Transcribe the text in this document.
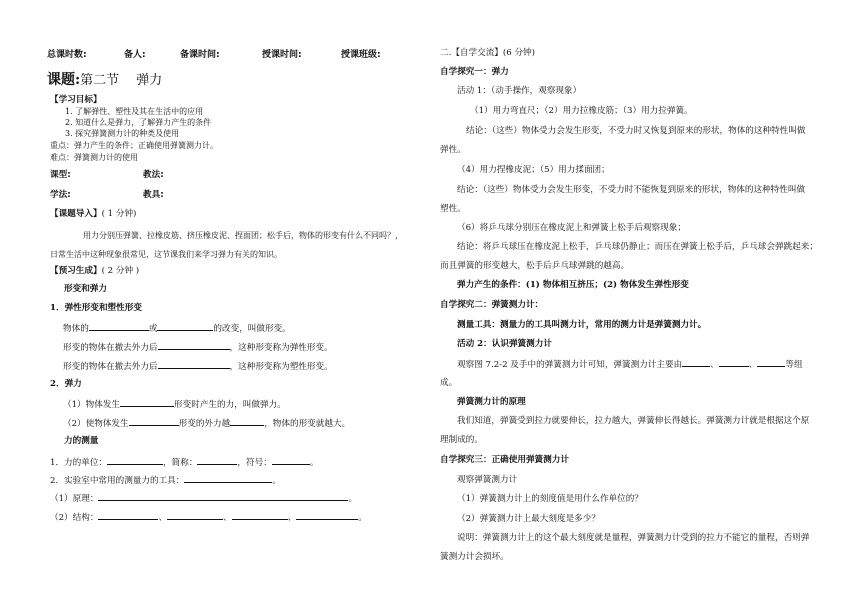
总课时数:	备人:	备课时间:	授课时间:	授课班级:
课题:第二节　 弹力
【学习目标】
1. 了解弹性、塑性及其在生活中的应用
2. 知道什么是弹力，了解弹力产生的条件
3. 探究弹簧测力计的种类及使用
重点：弹力产生的条件；正确使用弹簧测力计。
难点：弹簧测力计的使用
课型:	教法:
学法:	教具:
【课题导入】( 1 分钟)
用力分别压弹簧、拉橡皮筋、挤压橡皮泥、捏面团；松手后，物体的形变有什么不同吗？，
日常生活中这种现象很常见，这节课我们来学习弹力有关的知识。
【预习生成】( 2 分钟 )
形变和弹力
1．弹性形变和塑性形变
物体的	或	的改变，叫做形变。
形变的物体在撤去外力后	，这种形变称为弹性形变。
形变的物体在撤去外力后	，这种形变称为塑性形变。
2．弹力
（1）物体发生	形变时产生的力，叫做弹力。
（2）使物体发生	形变的外力越	，物体的形变就越大。
力的测量
1．力的单位：	，简称：	，符号：	。
2．实验室中常用的测量力的工具：	。
（1）原理：	。
（2）结构：	、	、	、	。
二.【自学交流】(6 分钟)
自学探究一：弹力
活动 1：（动手操作，观察现象）
（1）用力弯直尺；（2）用力拉橡皮筋；（3）用力拉弹簧。
结论：（这些）物体受力会发生形变，不受力时又恢复到原来的形状，物体的这种特性叫做
弹性。
（4）用力捏橡皮泥；（5）用力揉面团；
结论：（这些）物体受力会发生形变，不受力时不能恢复到原来的形状，物体的这种特性叫做
塑性。
（6）将乒乓球分别压在橡皮泥上和弹簧上松手后观察现象；
结论：将乒乓球压在橡皮泥上松手，乒乓球仍静止；而压在弹簧上松手后，乒乓球会弹跳起来；
而且弹簧的形变越大，松手后乒乓球弹跳的越高。
弹力产生的条件：(1) 物体相互挤压；(2) 物体发生弹性形变
自学探究二：弹簧测力计：
测量工具：测量力的工具叫测力计，常用的测力计是弹簧测力计。
活动 2：认识弹簧测力计
观察图 7.2-2 及手中的弹簧测力计可知，弹簧测力计主要由	、	、	等组
成。
弹簧测力计的原理
我们知道，弹簧受到拉力就要伸长，拉力越大，弹簧伸长得越长。弹簧测力计就是根据这个原
理制成的。
自学探究三：正确使用弹簧测力计
观察弹簧测力计
（1）弹簧测力计上的刻度值是用什么作单位的？
（2）弹簧测力计上最大刻度是多少？
说明：弹簧测力计上的这个最大刻度就是量程，弹簧测力计受到的拉力不能它的量程，否则弹
簧测力计会损坏。
